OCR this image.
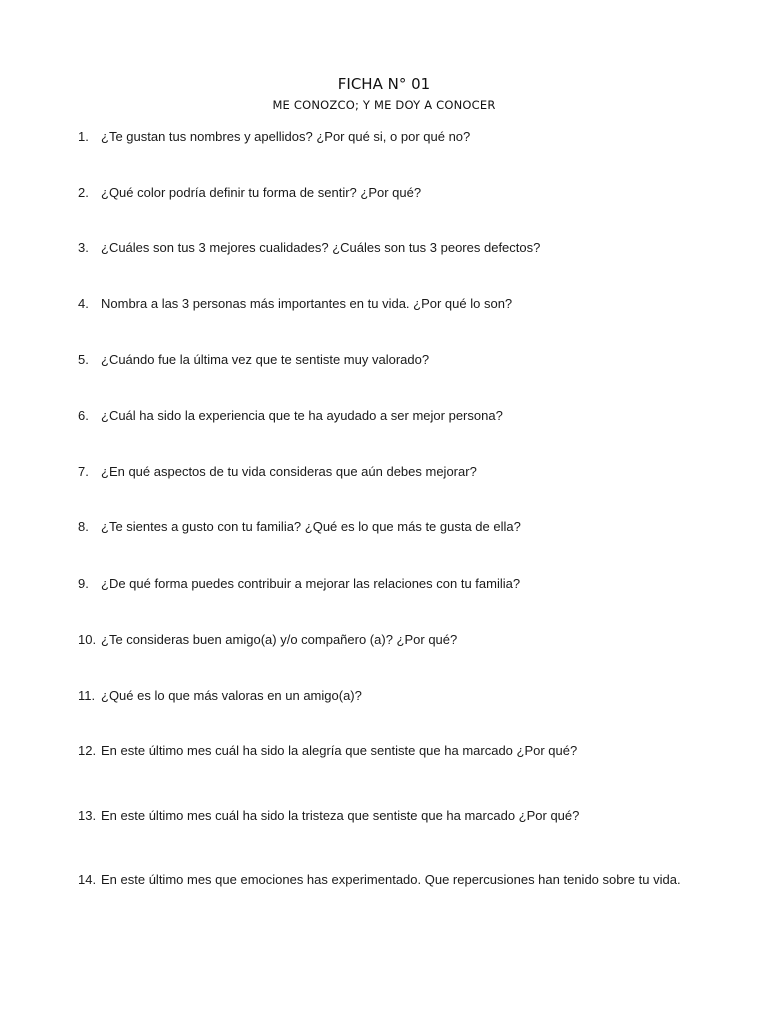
FICHA N° 01
ME CONOZCO; Y ME DOY A CONOCER
1. ¿Te gustan tus nombres y apellidos? ¿Por qué si, o por qué no?
2. ¿Qué color podría definir tu forma de sentir? ¿Por qué?
3. ¿Cuáles son tus 3 mejores cualidades? ¿Cuáles son tus 3 peores defectos?
4. Nombra a las 3 personas más importantes en tu vida. ¿Por qué lo son?
5. ¿Cuándo fue la última vez que te sentiste muy valorado?
6. ¿Cuál ha sido la experiencia que te ha ayudado a ser mejor persona?
7. ¿En qué aspectos de tu vida consideras que aún debes mejorar?
8. ¿Te sientes a gusto con tu familia? ¿Qué es lo que más te gusta de ella?
9. ¿De qué forma puedes contribuir a mejorar las relaciones con tu familia?
10. ¿Te consideras buen amigo(a) y/o compañero (a)? ¿Por qué?
11. ¿Qué es lo que más valoras en un amigo(a)?
12. En este último mes cuál ha sido la alegría que sentiste que ha marcado ¿Por qué?
13. En este último mes cuál ha sido la tristeza que sentiste que ha marcado ¿Por qué?
14. En este último mes que emociones has experimentado. Que repercusiones han tenido sobre tu vida.
